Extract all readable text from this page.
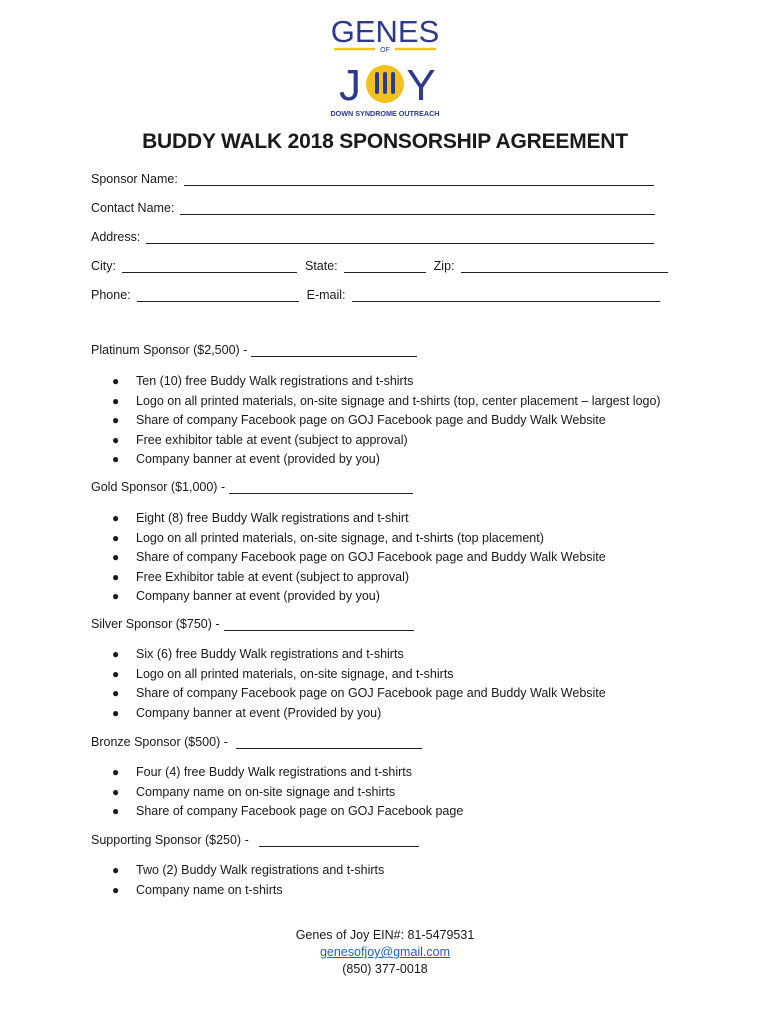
GENES
OF
J Y
DOWN SYNDROME OUTREACH
BUDDY WALK 2018 SPONSORSHIP AGREEMENT
Sponsor Name:
Contact Name:
Address:
City:	State:	Zip:
Phone:	E-mail:
Platinum Sponsor ($2,500) -
●	Ten (10) free Buddy Walk registrations and t-shirts
●	Logo on all printed materials, on-site signage and t-shirts (top, center placement – largest logo)
●	Share of company Facebook page on GOJ Facebook page and Buddy Walk Website
●	Free exhibitor table at event (subject to approval)
●	Company banner at event (provided by you)
Gold Sponsor ($1,000) -
●	Eight (8) free Buddy Walk registrations and t-shirt
●	Logo on all printed materials, on-site signage, and t-shirts (top placement)
●	Share of company Facebook page on GOJ Facebook page and Buddy Walk Website
●	Free Exhibitor table at event (subject to approval)
●	Company banner at event (provided by you)
Silver Sponsor ($750) -
●	Six (6) free Buddy Walk registrations and t-shirts
●	Logo on all printed materials, on-site signage, and t-shirts
●	Share of company Facebook page on GOJ Facebook page and Buddy Walk Website
●	Company banner at event (Provided by you)
Bronze Sponsor ($500) -
●	Four (4) free Buddy Walk registrations and t-shirts
●	Company name on on-site signage and t-shirts
●	Share of company Facebook page on GOJ Facebook page
Supporting Sponsor ($250) -
●	Two (2) Buddy Walk registrations and t-shirts
●	Company name on t-shirts
Genes of Joy EIN#: 81-5479531
genesofjoy@gmail.com
(850) 377-0018
